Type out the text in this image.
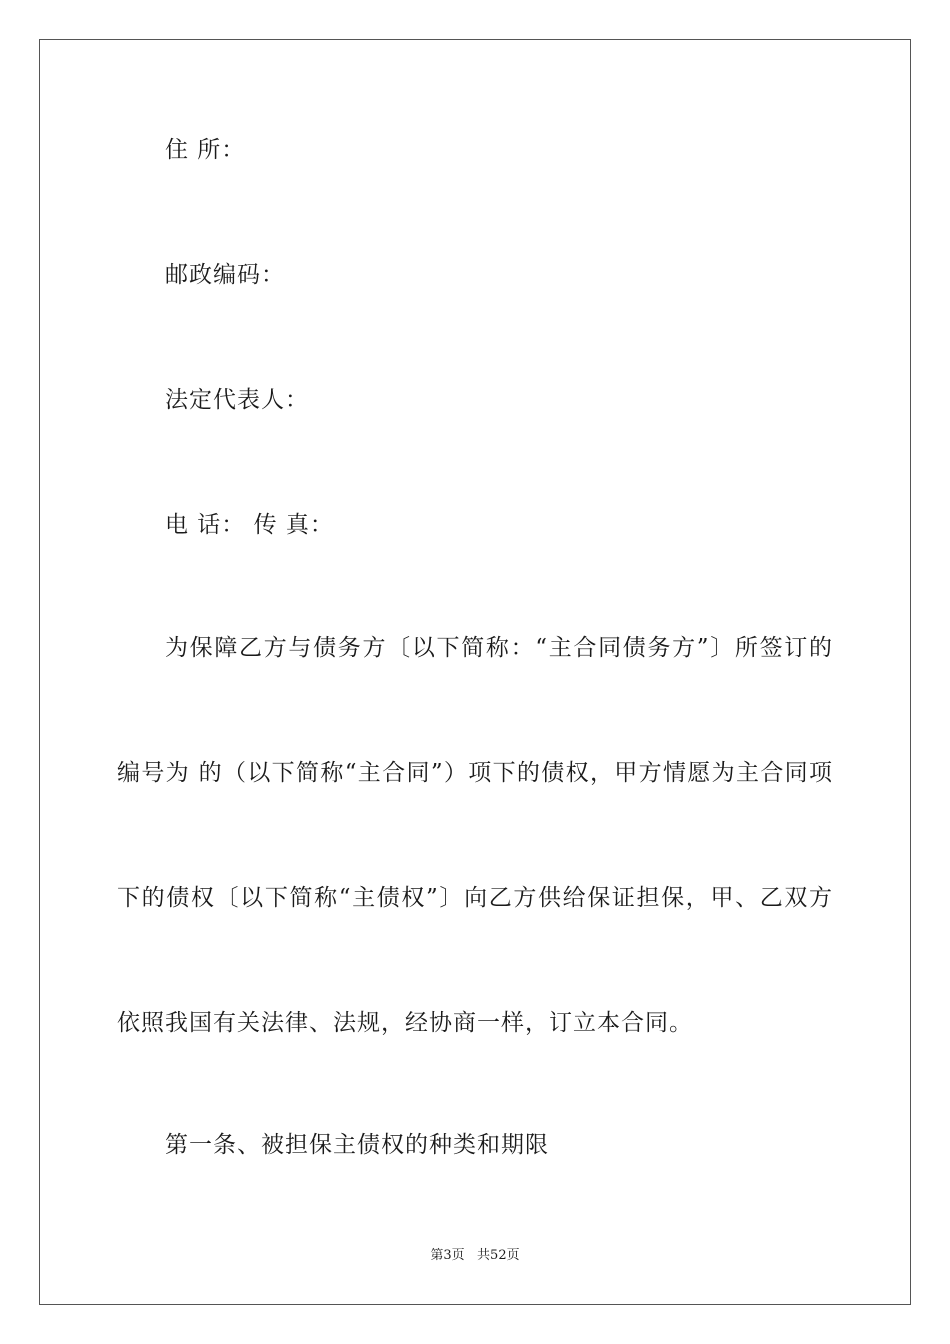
住 所：
邮政编码：
法定代表人：
电 话： 传 真：
为保障乙方与债务方〔以下简称：“主合同债务方”〕所签订的
编号为 的（以下简称“主合同”）项下的债权，甲方情愿为主合同项
下的债权〔以下简称“主债权”〕向乙方供给保证担保，甲、乙双方
依照我国有关法律、法规，经协商一样，订立本合同。
第一条、被担保主债权的种类和期限
第3页   共52页
